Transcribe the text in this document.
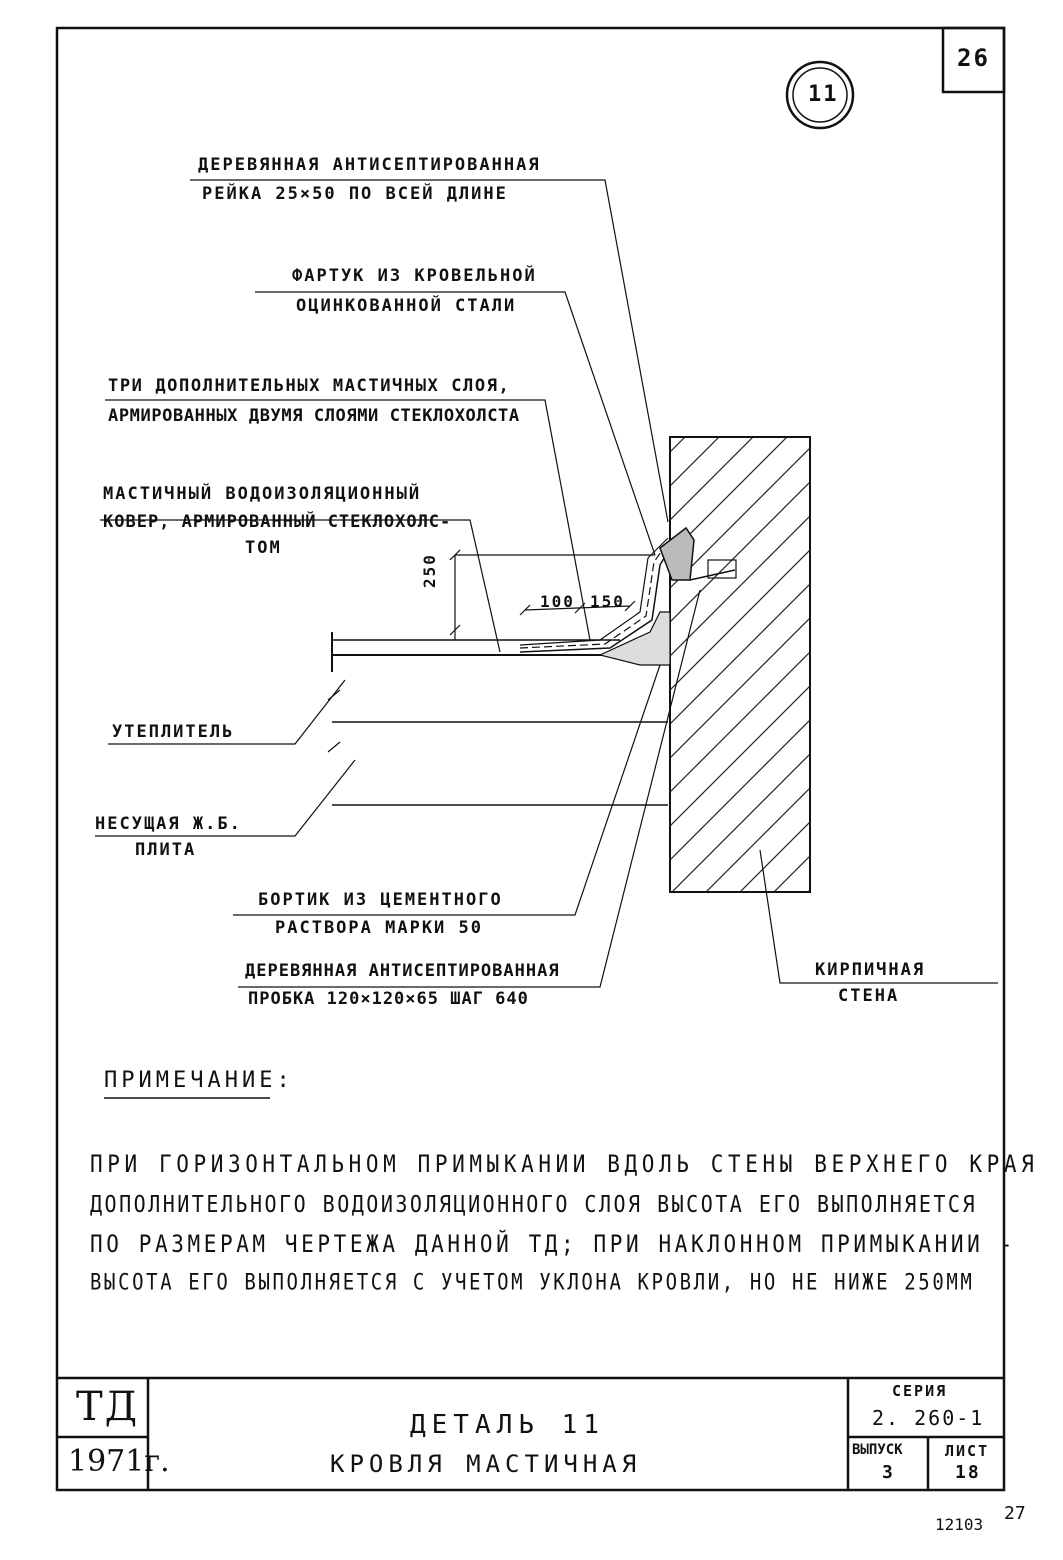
26
11
ДЕРЕВЯННАЯ АНТИСЕПТИРОВАННАЯ
РЕЙКА 25×50 ПО ВСЕЙ ДЛИНЕ
ФАРТУК ИЗ КРОВЕЛЬНОЙ
ОЦИНКОВАННОЙ СТАЛИ
ТРИ ДОПОЛНИТЕЛЬНЫХ МАСТИЧНЫХ СЛОЯ,
АРМИРОВАННЫХ ДВУМЯ СЛОЯМИ СТЕКЛОХОЛСТА
МАСТИЧНЫЙ ВОДОИЗОЛЯЦИОННЫЙ
КОВЕР, АРМИРОВАННЫЙ СТЕКЛОХОЛС-
ТОМ
250
100 150
УТЕПЛИТЕЛЬ
НЕСУЩАЯ Ж.Б.
ПЛИТА
БОРТИК ИЗ ЦЕМЕНТНОГО
РАСТВОРА МАРКИ 50
ДЕРЕВЯННАЯ АНТИСЕПТИРОВАННАЯ
ПРОБКА 120×120×65 ШАГ 640
КИРПИЧНАЯ
СТЕНА
ПРИМЕЧАНИЕ:
ПРИ ГОРИЗОНТАЛЬНОМ ПРИМЫКАНИИ ВДОЛЬ СТЕНЫ ВЕРХНЕГО КРАЯ
ДОПОЛНИТЕЛЬНОГО ВОДОИЗОЛЯЦИОННОГО СЛОЯ ВЫСОТА ЕГО ВЫПОЛНЯЕТСЯ
ПО РАЗМЕРАМ ЧЕРТЕЖА ДАННОЙ ТД; ПРИ НАКЛОННОМ ПРИМЫКАНИИ -
ВЫСОТА ЕГО ВЫПОЛНЯЕТСЯ С УЧЕТОМ УКЛОНА КРОВЛИ, НО НЕ НИЖЕ 250ММ
ТД
1971г.
ДЕТАЛЬ 11
КРОВЛЯ МАСТИЧНАЯ
СЕРИЯ
2. 260-1
ВЫПУСК
3
ЛИСТ
18
12103
27
